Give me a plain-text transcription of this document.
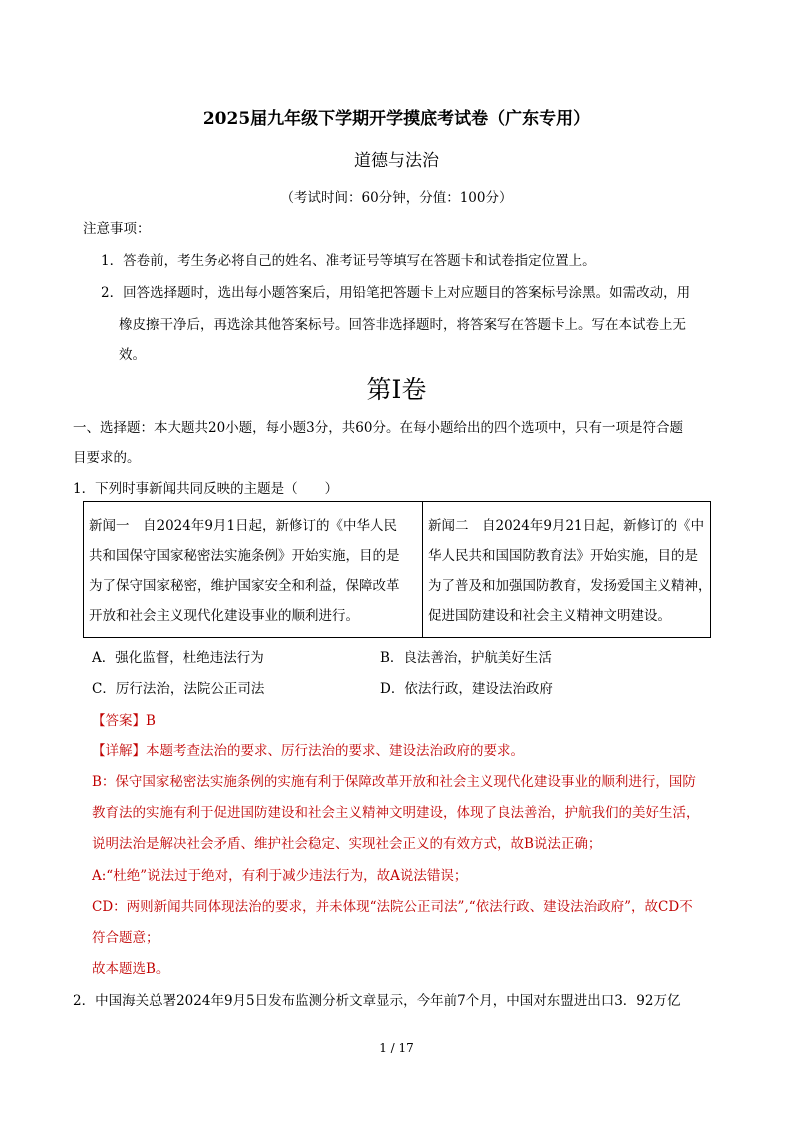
2025届九年级下学期开学摸底考试卷（广东专用）
道德与法治
（考试时间：60分钟，分值：100分）
注意事项：
1．答卷前，考生务必将自己的姓名、准考证号等填写在答题卡和试卷指定位置上。
2．回答选择题时，选出每小题答案后，用铅笔把答题卡上对应题目的答案标号涂黑。如需改动，用
橡皮擦干净后，再选涂其他答案标号。回答非选择题时，将答案写在答题卡上。写在本试卷上无
效。
第Ⅰ卷
一、选择题：本大题共20小题，每小题3分，共60分。在每小题给出的四个选项中，只有一项是符合题
目要求的。
1．下列时事新闻共同反映的主题是（　　）
新闻一　自2024年9月1日起，新修订的《中华人民
共和国保守国家秘密法实施条例》开始实施，目的是
为了保守国家秘密，维护国家安全和利益，保障改革
开放和社会主义现代化建设事业的顺利进行。
新闻二　自2024年9月21日起，新修订的《中
华人民共和国国防教育法》开始实施，目的是
为了普及和加强国防教育，发扬爱国主义精神，
促进国防建设和社会主义精神文明建设。
A．强化监督，杜绝违法行为	B．良法善治，护航美好生活
C．厉行法治，法院公正司法	D．依法行政，建设法治政府
【答案】B
【详解】本题考查法治的要求、厉行法治的要求、建设法治政府的要求。
B：保守国家秘密法实施条例的实施有利于保障改革开放和社会主义现代化建设事业的顺利进行，国防
教育法的实施有利于促进国防建设和社会主义精神文明建设，体现了良法善治，护航我们的美好生活，
说明法治是解决社会矛盾、维护社会稳定、实现社会正义的有效方式，故B说法正确；
A:“杜绝”说法过于绝对，有利于减少违法行为，故A说法错误；
CD：两则新闻共同体现法治的要求，并未体现“法院公正司法”,“依法行政、建设法治政府”，故CD不
符合题意；
故本题选B。
2．中国海关总署2024年9月5日发布监测分析文章显示，今年前7个月，中国对东盟进出口3．92万亿
1 / 17
